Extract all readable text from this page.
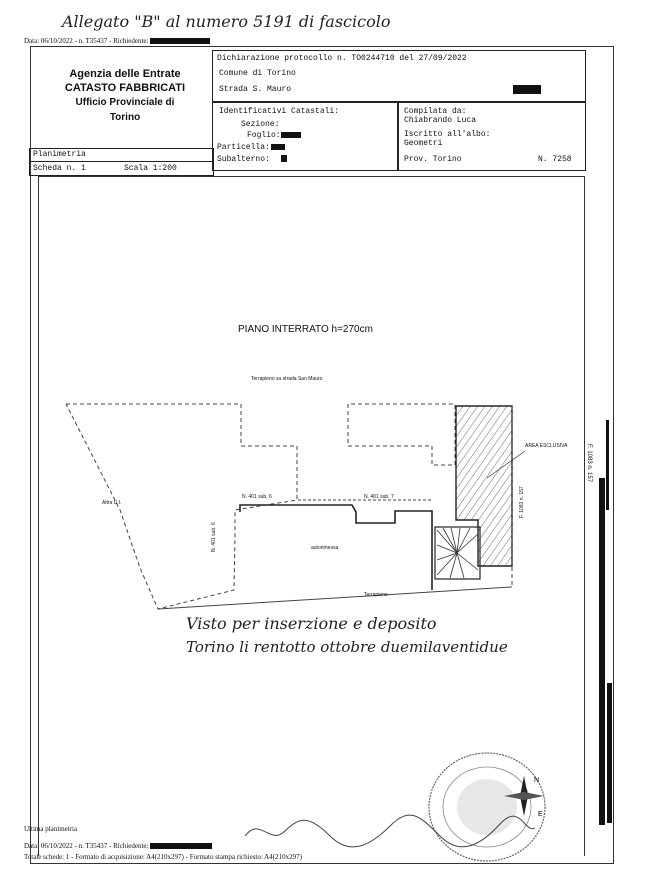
Allegato "B" al numero 5191 di fascicolo
Data: 06/10/2022 - n. T35437 - Richiedente:
Agenzia delle Entrate
CATASTO FABBRICATI
Ufficio Provinciale di
Torino
Dichiarazione protocollo n. TO0244710 del 27/09/2022
Comune di Torino
Strada S. Mauro
Identificativi Catastali:
Sezione:
Foglio:
Particella:
Subalterno:
Compilata da:
Chiabrando Luca
Iscritto all'albo:
Geometri
Prov. Torino	N. 7258
Planimetria
Scheda n. 1	Scala 1:200
PIANO INTERRATO h=270cm
Terrapieno su strada San Mauro
AREA ESCLUSIVA
Altra U.I.
N. 401 sub. 6	N. 401 sub. 7
autorimessa
Terrapieno
N. 401 sub. 6
F. 1083 n. 157
F. 1083 n. 157
Visto per inserzione e deposito
Torino li rentotto ottobre duemilaventidue
N
E
Ultima planimetria
Data: 06/10/2022 - n. T35437 - Richiedente:
Totale schede: 1 - Formato di acquisizione: A4(210x297) - Formato stampa richiesto: A4(210x297)
